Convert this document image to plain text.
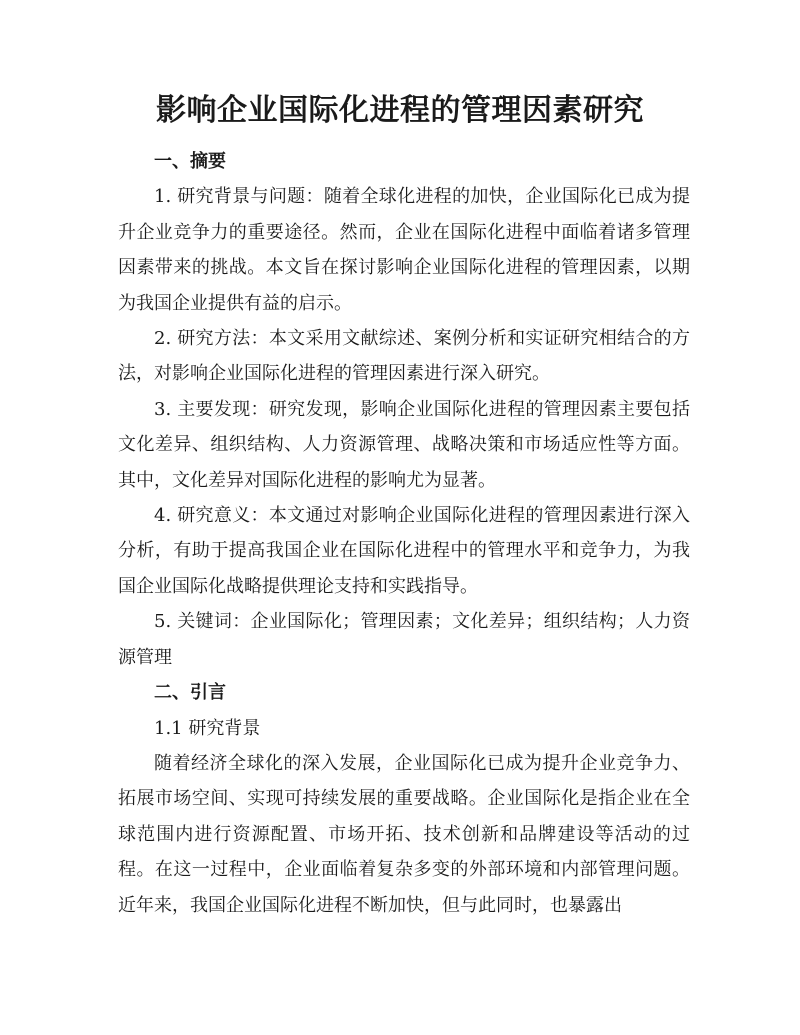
影响企业国际化进程的管理因素研究

一、摘要

1. 研究背景与问题：随着全球化进程的加快，企业国际化已成为提升企业竞争力的重要途径。然而，企业在国际化进程中面临着诸多管理因素带来的挑战。本文旨在探讨影响企业国际化进程的管理因素，以期为我国企业提供有益的启示。

2. 研究方法：本文采用文献综述、案例分析和实证研究相结合的方法，对影响企业国际化进程的管理因素进行深入研究。

3. 主要发现：研究发现，影响企业国际化进程的管理因素主要包括文化差异、组织结构、人力资源管理、战略决策和市场适应性等方面。其中，文化差异对国际化进程的影响尤为显著。

4. 研究意义：本文通过对影响企业国际化进程的管理因素进行深入分析，有助于提高我国企业在国际化进程中的管理水平和竞争力，为我国企业国际化战略提供理论支持和实践指导。

5. 关键词：企业国际化；管理因素；文化差异；组织结构；人力资源管理

二、引言

1.1 研究背景

随着经济全球化的深入发展，企业国际化已成为提升企业竞争力、拓展市场空间、实现可持续发展的重要战略。企业国际化是指企业在全球范围内进行资源配置、市场开拓、技术创新和品牌建设等活动的过程。在这一过程中，企业面临着复杂多变的外部环境和内部管理问题。近年来，我国企业国际化进程不断加快，但与此同时，也暴露出
